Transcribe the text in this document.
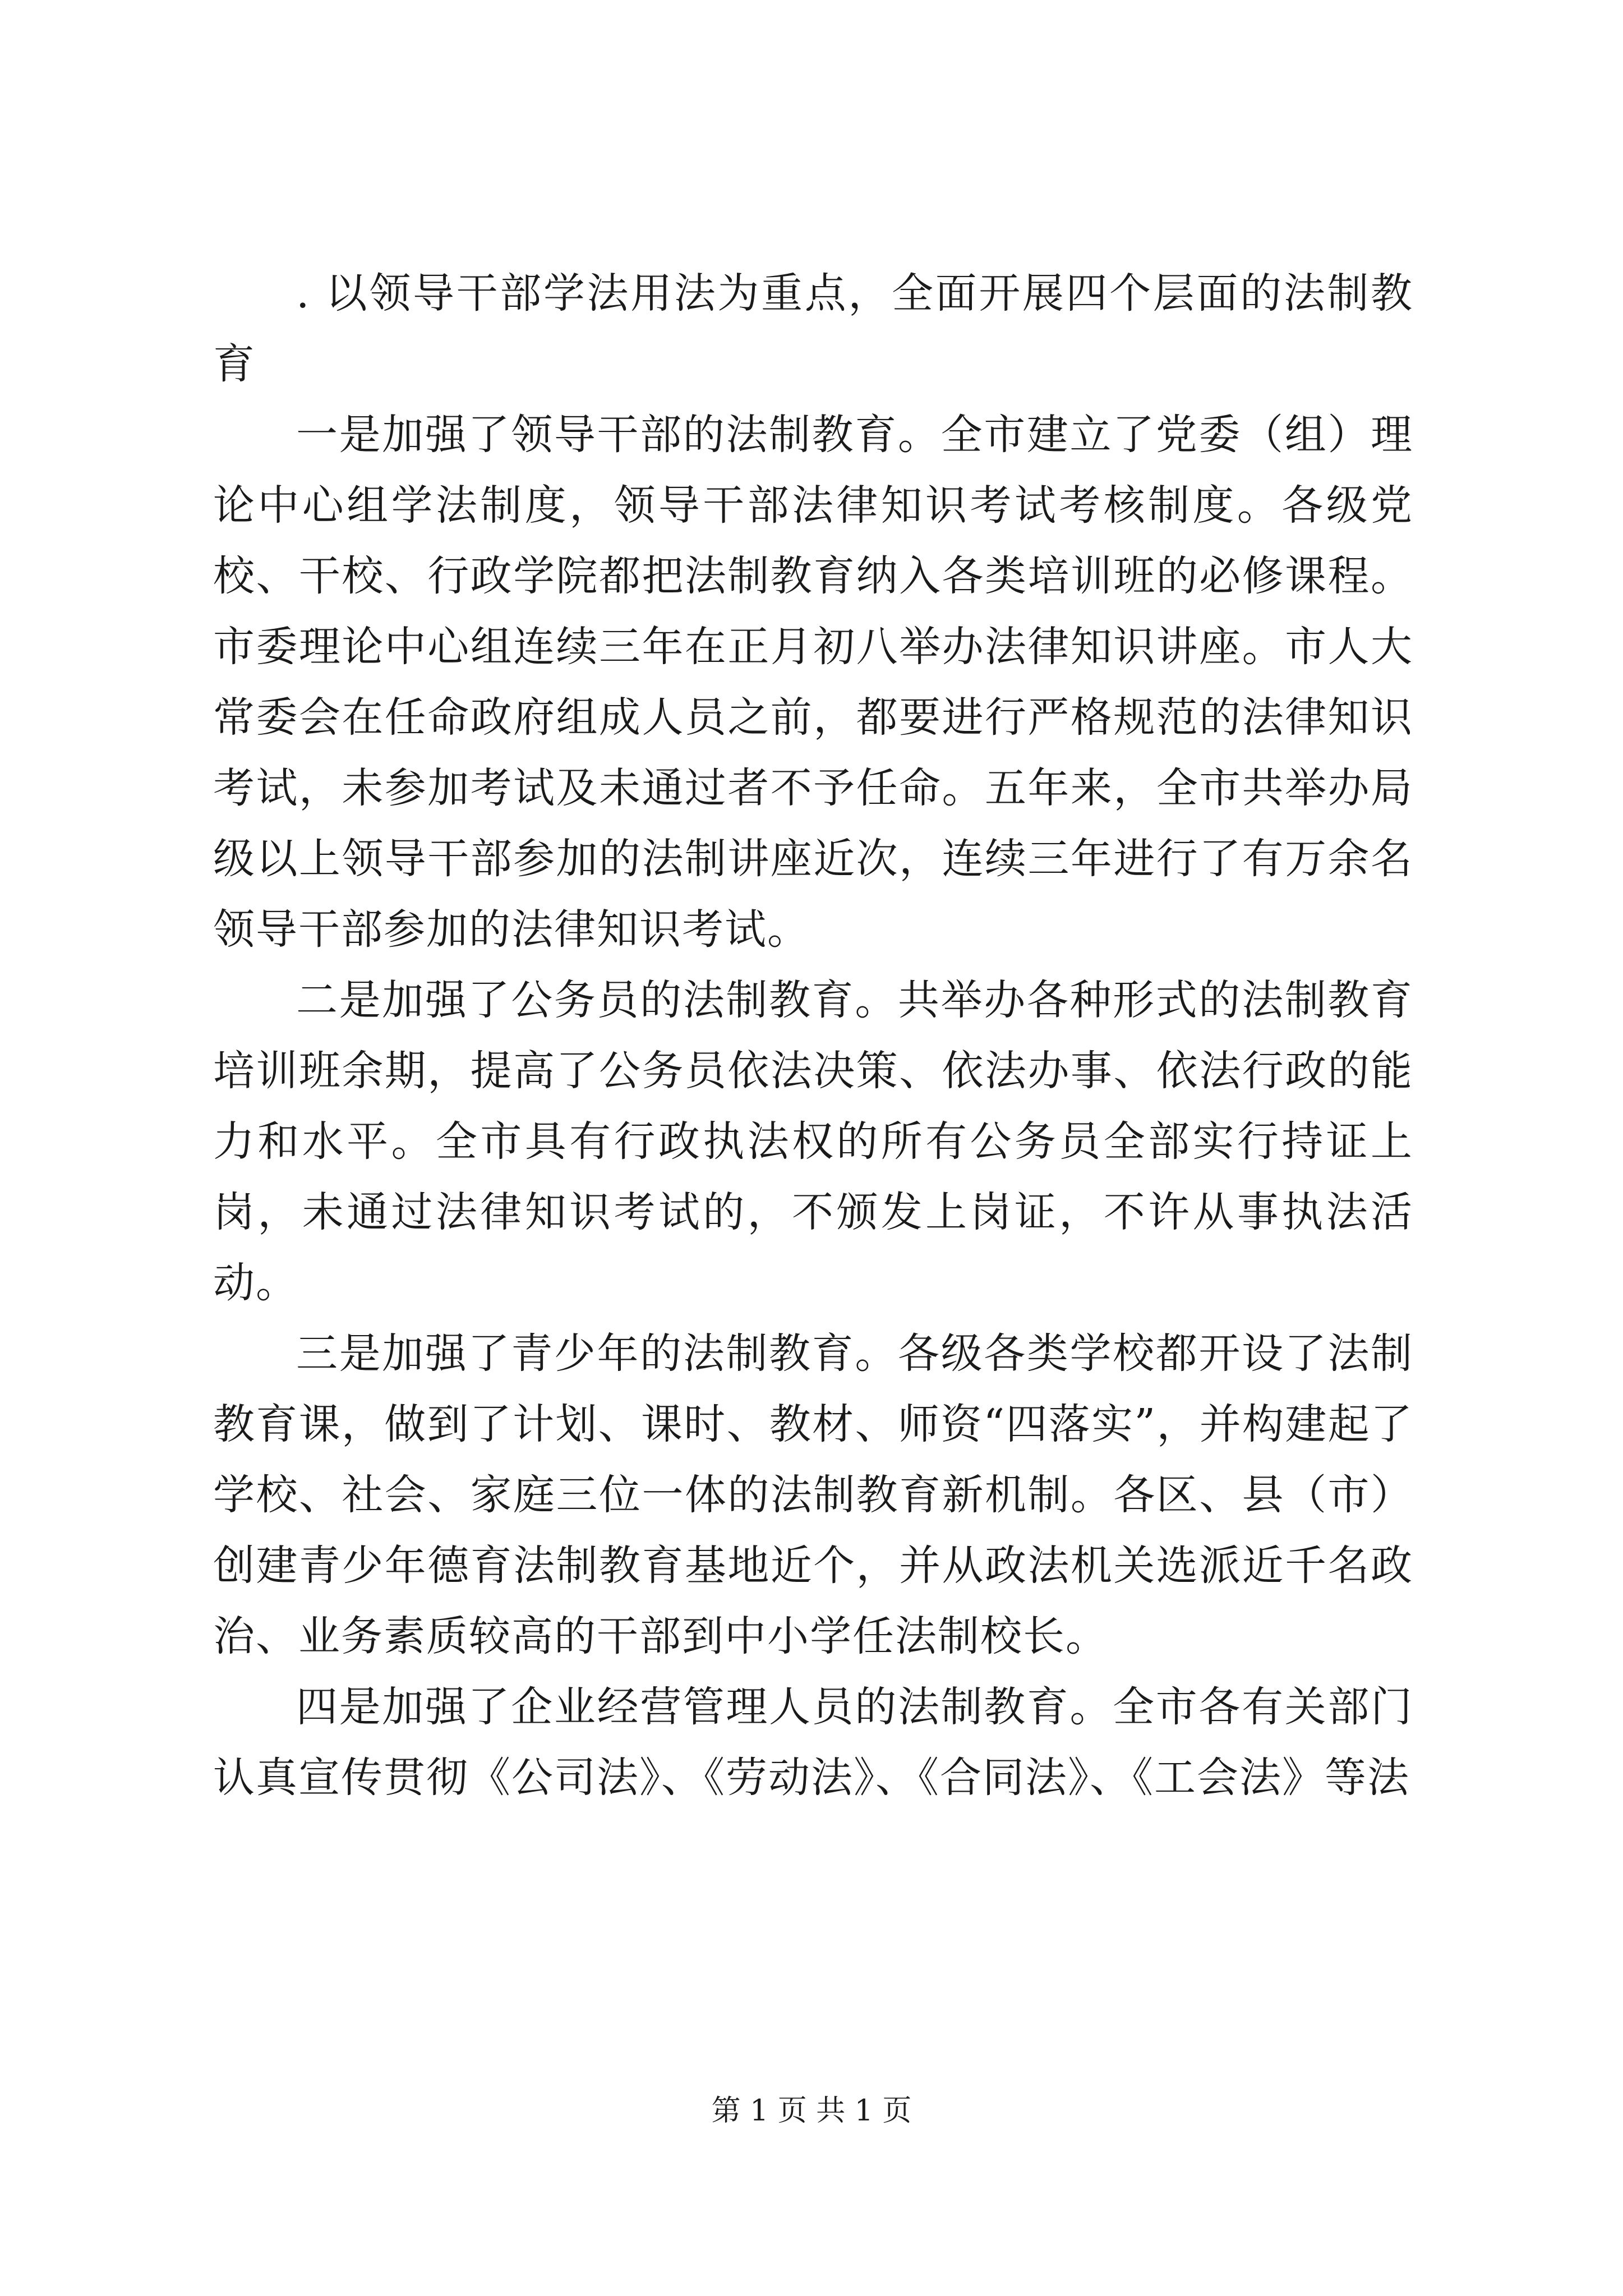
. 以领导干部学法用法为重点，全面开展四个层面的法制教育

一是加强了领导干部的法制教育。全市建立了党委（组）理论中心组学法制度，领导干部法律知识考试考核制度。各级党校、干校、行政学院都把法制教育纳入各类培训班的必修课程。市委理论中心组连续三年在正月初八举办法律知识讲座。市人大常委会在任命政府组成人员之前，都要进行严格规范的法律知识考试，未参加考试及未通过者不予任命。五年来，全市共举办局级以上领导干部参加的法制讲座近次，连续三年进行了有万余名领导干部参加的法律知识考试。

二是加强了公务员的法制教育。共举办各种形式的法制教育培训班余期，提高了公务员依法决策、依法办事、依法行政的能力和水平。全市具有行政执法权的所有公务员全部实行持证上岗，未通过法律知识考试的，不颁发上岗证，不许从事执法活动。

三是加强了青少年的法制教育。各级各类学校都开设了法制教育课，做到了计划、课时、教材、师资“四落实”，并构建起了学校、社会、家庭三位一体的法制教育新机制。各区、县（市）创建青少年德育法制教育基地近个，并从政法机关选派近千名政治、业务素质较高的干部到中小学任法制校长。

四是加强了企业经营管理人员的法制教育。全市各有关部门认真宣传贯彻《公司法》、《劳动法》、《合同法》、《工会法》等法

第 1 页 共 1 页
